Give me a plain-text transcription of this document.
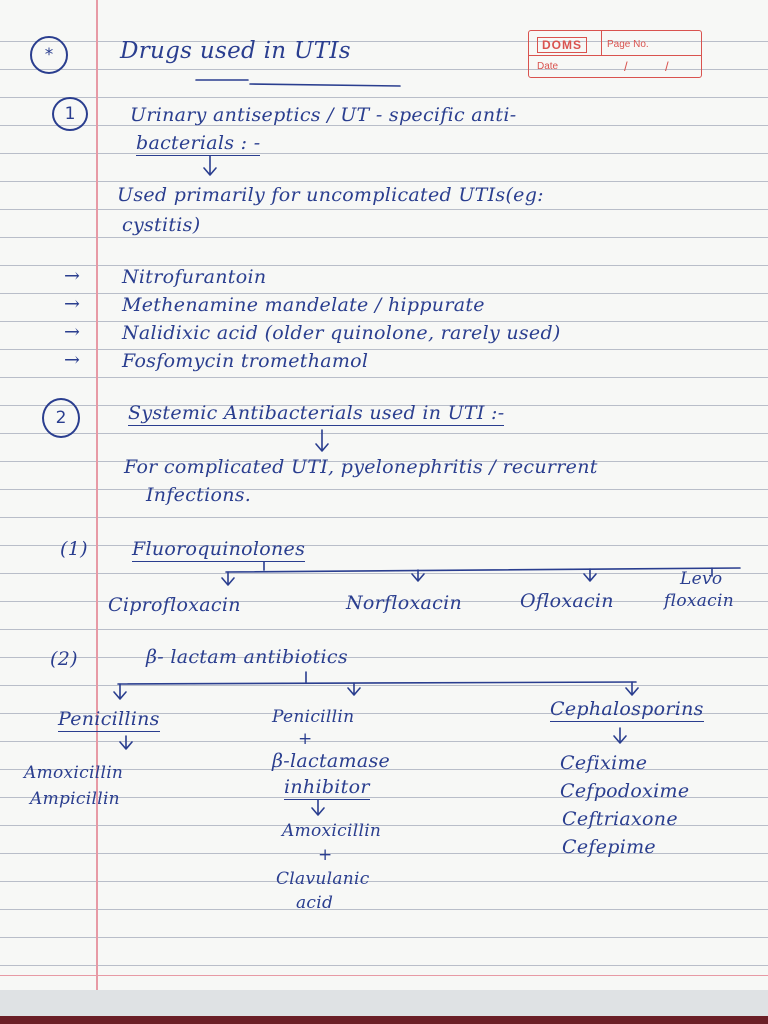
*	Drugs used in UTIs	DOMS	Page No.
Date	/	/
1	Urinary antiseptics / UT - specific anti-
bacterials : -
Used primarily for uncomplicated UTIs(eg:
cystitis)
→ Nitrofurantoin
→ Methenamine mandelate / hippurate
→ Nalidixic acid (older quinolone, rarely used)
→ Fosfomycin tromethamol
2	Systemic Antibacterials used in UTI :-
For complicated UTI, pyelonephritis / recurrent
Infections.
(1) Fluoroquinolones
Ciprofloxacin	Norfloxacin	Ofloxacin
Levo
floxacin
(2)	β- lactam antibiotics
Penicillins
Amoxicillin
Ampicillin
Penicillin
+
β-lactamase
inhibitor
Amoxicillin
+
Clavulanic
acid
Cephalosporins
Cefixime
Cefpodoxime
Ceftriaxone
Cefepime
